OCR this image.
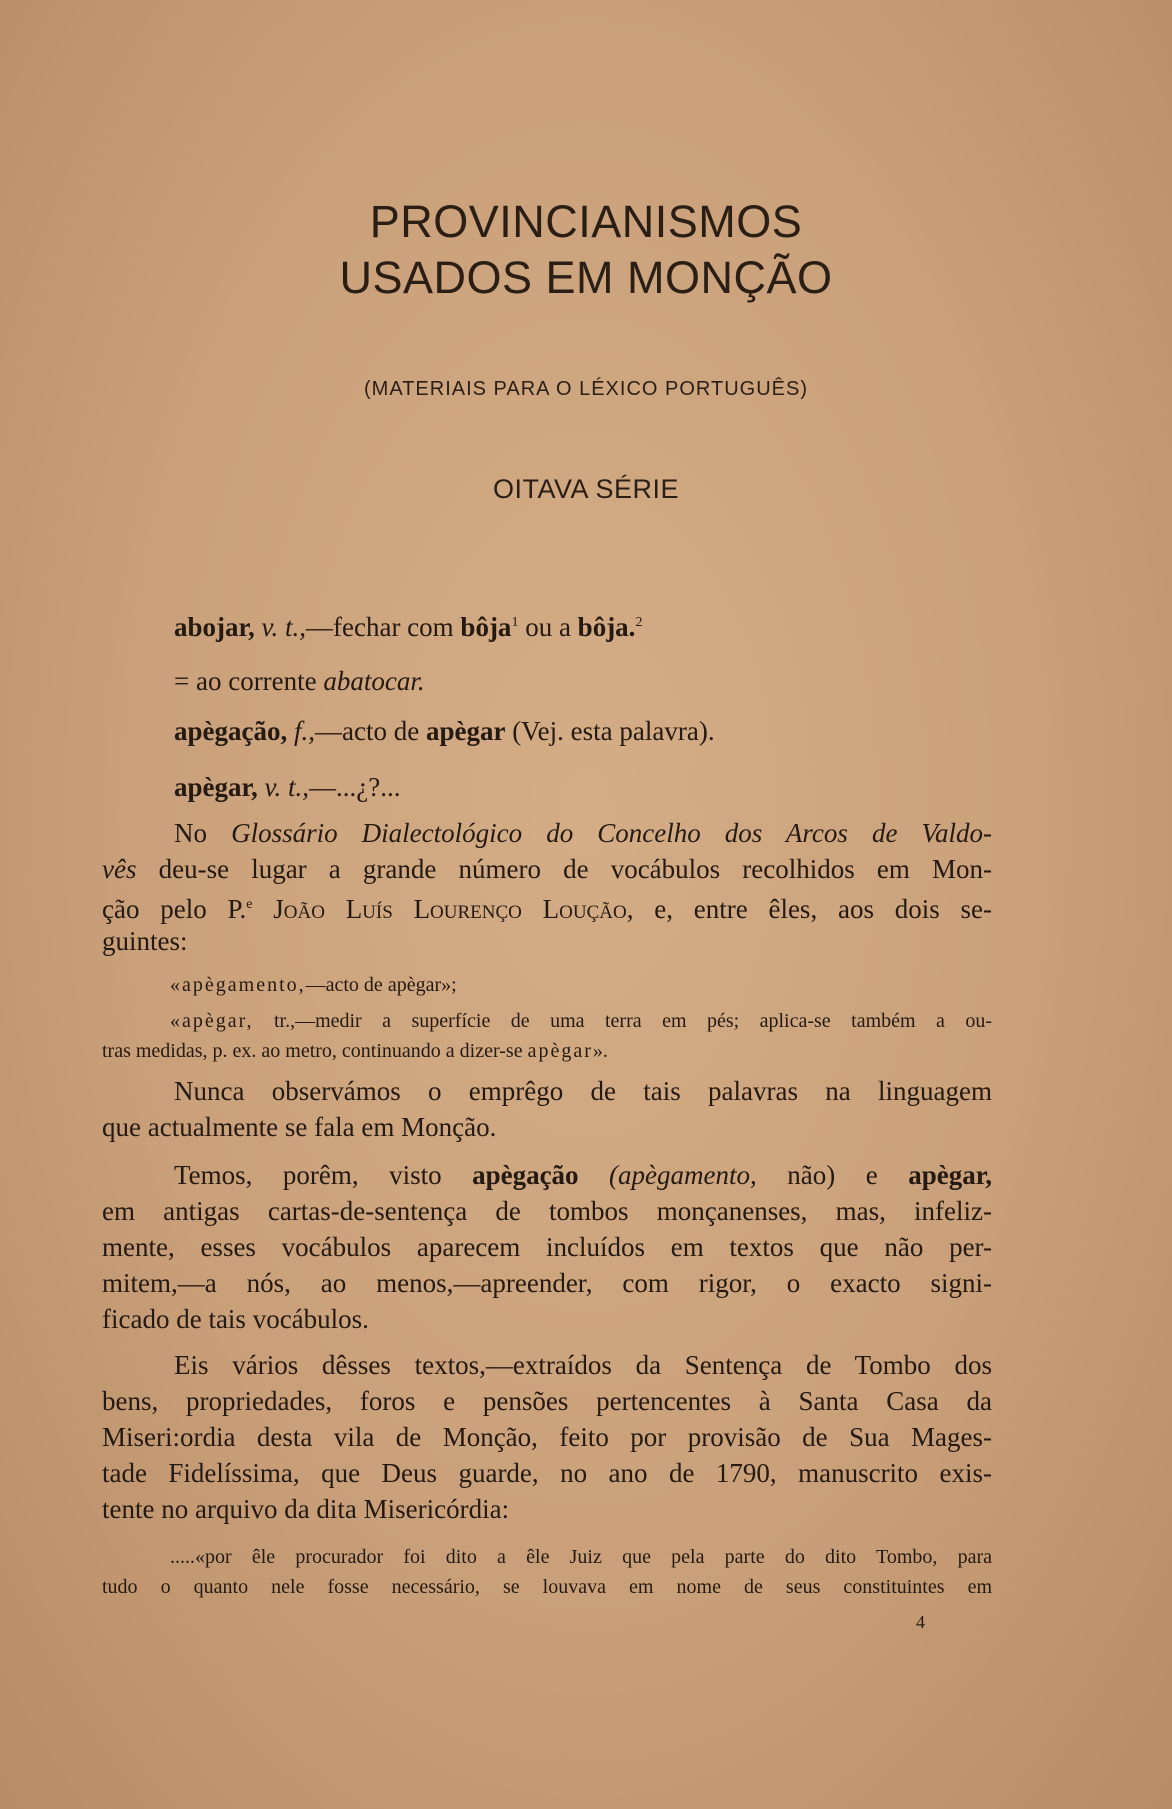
PROVINCIANISMOS
USADOS EM MONÇÃO
(MATERIAIS PARA O LÉXICO PORTUGUÊS)
OITAVA SÉRIE
abojar, v. t.,—fechar com bôja$^1$ ou a bôja.$^2$
= ao corrente abatocar.
apègação, f.,—acto de apègar (Vej. esta palavra).
apègar, v. t.,—...¿?...
No Glossário Dialectológico do Concelho dos Arcos de Valdo-
vês deu-se lugar a grande número de vocábulos recolhidos em Mon-
ção pelo P.$^e$ João Luís Lourenço Loução, e, entre êles, aos dois se-
guintes:
«apègamento,—acto de apègar»;
«apègar, tr.,—medir a superfície de uma terra em pés; aplica-se também a ou-
tras medidas, p. ex. ao metro, continuando a dizer-se apègar».
Nunca observámos o emprêgo de tais palavras na linguagem
que actualmente se fala em Monção.
Temos, porêm, visto apègação (apègamento, não) e apègar,
em antigas cartas-de-sentença de tombos monçanenses, mas, infeliz-
mente, esses vocábulos aparecem incluídos em textos que não per-
mitem,—a nós, ao menos,—apreender, com rigor, o exacto signi-
ficado de tais vocábulos.
Eis vários dêsses textos,—extraídos da Sentença de Tombo dos
bens, propriedades, foros e pensões pertencentes à Santa Casa da
Miseri:ordia desta vila de Monção, feito por provisão de Sua Mages-
tade Fidelíssima, que Deus guarde, no ano de 1790, manuscrito exis-
tente no arquivo da dita Misericórdia:
.....«por êle procurador foi dito a êle Juiz que pela parte do dito Tombo, para
tudo o quanto nele fosse necessário, se louvava em nome de seus constituintes em
4
